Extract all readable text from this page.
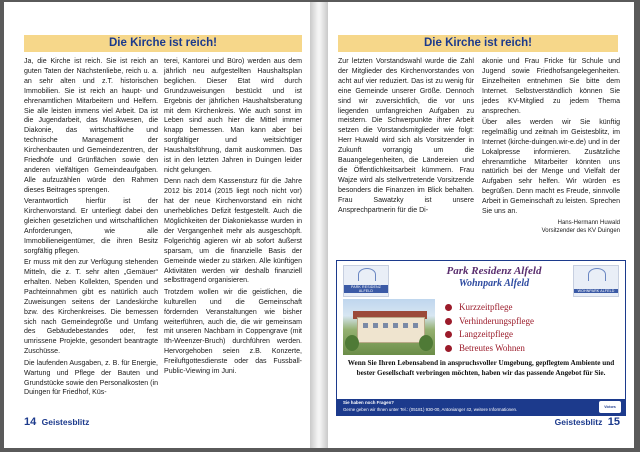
Die Kirche ist reich!

Ja, die Kirche ist reich. Sie ist reich an guten Taten der Nächstenliebe, reich u. a. an sehr alten und z.T. historischen Immobilien. Sie ist reich an haupt- und ehrenamtlichen Mitarbeitern und Helfern. Sie alle leisten immens viel Arbeit. Da ist die Jugendarbeit, das Musikwesen, die Diakonie, das wirtschaftliche und technische Management der Kirchenbauten und Gemeindezentren, der Friedhöfe und Grünflächen sowie den anderen vielfältigen Gemeindeaufgaben. Alle aufzuzählen würde den Rahmen dieses Beitrages sprengen.

Verantwortlich hierfür ist der Kirchenvorstand. Er unterliegt dabei den gleichen gesetzlichen und wirtschaftlichen Anforderungen, wie alle Immobilieneigentümer, die ihren Besitz sorgfältig pflegen.

Er muss mit den zur Verfügung stehenden Mitteln, die z. T. sehr alten „Gemäuer“ erhalten. Neben Kollekten, Spenden und Pachteinnahmen gibt es natürlich auch Zuweisungen seitens der Landeskirche bzw. des Kirchenkreises. Die bemessen sich nach Gemeindegröße und Umfang des Gebäudebestandes oder, fest umrissene Projekte, gesondert beantragte Zuschüsse.

Die laufenden Ausgaben, z. B. für Energie, Wartung und Pflege der Bauten und Grundstücke sowie den Personalkosten (in Duingen für Friedhof, Küs-

terei, Kantorei und Büro) werden aus dem jährlich neu aufgestellten Haushaltsplan beglichen. Dieser Etat wird durch Grundzuweisungen bestückt und ist Ergebnis der jährlichen Haushaltsberatung mit dem Kirchenkreis. Wie auch sonst im Leben sind auch hier die Mittel immer knapp bemessen. Man kann aber bei sorgfältiger und weitsichtiger Haushaltsführung, damit auskommen. Das ist in den letzten Jahren in Duingen leider nicht gelungen.

Denn nach dem Kassensturz für die Jahre 2012 bis 2014 (2015 liegt noch nicht vor) hat der neue Kirchenvorstand ein nicht unerhebliches Defizit festgestellt. Auch die Möglichkeiten der Diakoniekasse wurden in der Vergangenheit mehr als ausgeschöpft. Folgerichtig agieren wir ab sofort äußerst sparsam, um die finanzielle Basis der Gemeinde wieder zu stärken. Alle künftigen Aktivitäten werden wir deshalb finanziell selbsttragend organisieren.

Trotzdem wollen wir die geistlichen, die kulturellen und die Gemeinschaft fördernden Veranstaltungen wie bisher weiterführen, auch die, die wir gemeinsam mit unseren Nachbarn in Coppengrave (mit Ith-Weenzer-Bruch) durchführen werden. Hervorgehoben seien z.B. Konzerte, Freiluftgottesdienste oder das Fussball-Public-Viewing im Juni.

14 Geistesblitz
Die Kirche ist reich!

Zur letzten Vorstandswahl wurde die Zahl der Mitglieder des Kirchenvorstandes von acht auf vier reduziert. Das ist zu wenig für eine Gemeinde unserer Größe. Dennoch sind wir zuversichtlich, die vor uns liegenden umfangreichen Aufgaben zu meistern. Die Schwerpunkte ihrer Arbeit setzen die Vorstandsmitglieder wie folgt: Herr Huwald wird sich als Vorsitzender in Zukunft vorrangig um die Bauangelegenheiten, die Ländereien und die Öffentlichkeitsarbeit kümmern. Frau Wajze wird als stellvertretende Vorsitzende besonders die Finanzen im Blick behalten. Frau Sawatzky ist unsere Ansprechpartnerin für die Di-

akonie und Frau Fricke für Schule und Jugend sowie Friedhofsangelegenheiten. Einzelheiten entnehmen Sie bitte dem Internet. Selbstverständlich können Sie jedes KV-Mitglied zu jedem Thema ansprechen.

Über alles werden wir Sie künftig regelmäßig und zeitnah im Geistesblitz, im Internet (kirche-duingen.wir-e.de) und in der Lokalpresse informieren. Zusätzliche ehrenamtliche Mitarbeiter könnten uns natürlich bei der Menge und Vielfalt der Aufgaben sehr helfen. Wir würden es begrüßen. Denn macht es Freude, sinnvolle Arbeit in Gemeinschaft zu leisten. Sprechen Sie uns an.

Hans-Hermann Huwald
Vorsitzender des KV Duingen
PARK RESIDENZ ALFELD
Park Residenz Alfeld
Wohnpark Alfeld
WOHNPARK ALFELD
Kurzzeitpflege
Verhinderungspflege
Langzeitpflege
Betreutes Wohnen
Wenn Sie Ihren Lebensabend in anspruchsvoller Umgebung, gepflegtem Ambiente und bester Gesellschaft verbringen möchten, haben wir das passende Angebot für Sie.
Sie haben noch Fragen?
Gerne geben wir Ihnen unter Tel.: (05181) 930-00, Antonianger 42, weitere Informationen.	Victors
Geistesblitz 15
